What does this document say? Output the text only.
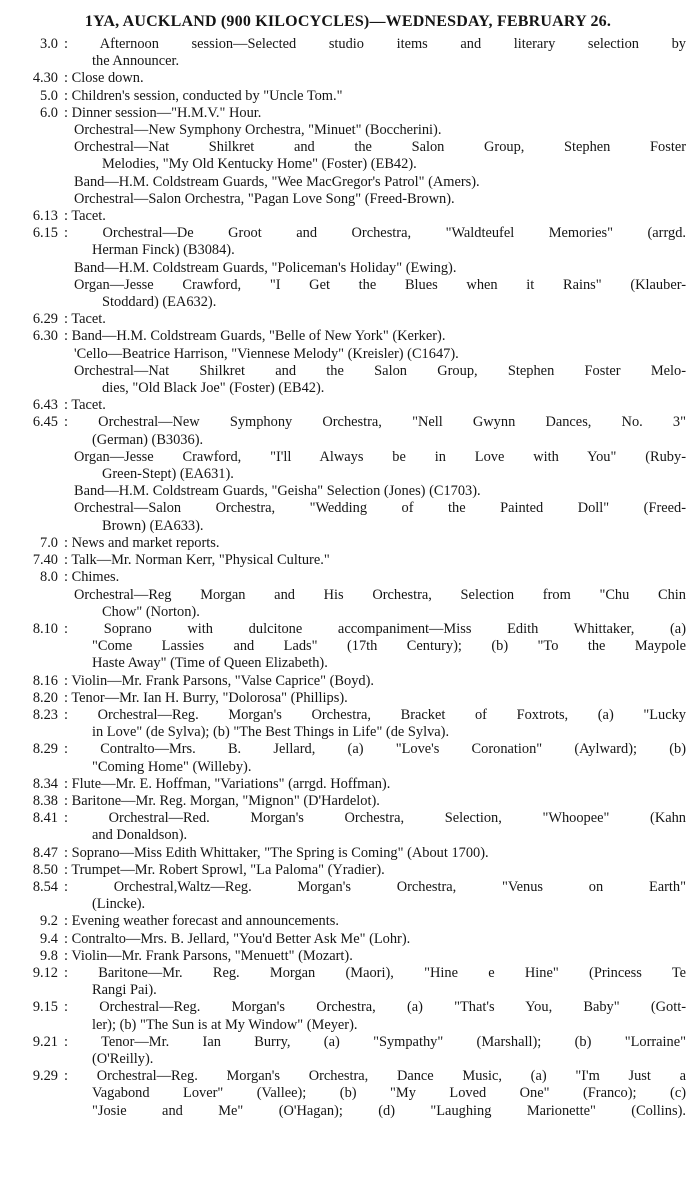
1YA, AUCKLAND (900 KILOCYCLES)—WEDNESDAY, FEBRUARY 26.
3.0 : Afternoon session—Selected studio items and literary selection by
the Announcer.
4.30 : Close down.
5.0 : Children's session, conducted by "Uncle Tom."
6.0 : Dinner session—"H.M.V." Hour.
Orchestral—New Symphony Orchestra, "Minuet" (Boccherini).
Orchestral—Nat Shilkret and the Salon Group, Stephen Foster
Melodies, "My Old Kentucky Home" (Foster) (EB42).
Band—H.M. Coldstream Guards, "Wee MacGregor's Patrol" (Amers).
Orchestral—Salon Orchestra, "Pagan Love Song" (Freed-Brown).
6.13 : Tacet.
6.15 : Orchestral—De Groot and Orchestra, "Waldteufel Memories" (arrgd.
Herman Finck) (B3084).
Band—H.M. Coldstream Guards, "Policeman's Holiday" (Ewing).
Organ—Jesse Crawford, "I Get the Blues when it Rains" (Klauber-
Stoddard) (EA632).
6.29 : Tacet.
6.30 : Band—H.M. Coldstream Guards, "Belle of New York" (Kerker).
'Cello—Beatrice Harrison, "Viennese Melody" (Kreisler) (C1647).
Orchestral—Nat Shilkret and the Salon Group, Stephen Foster Melo-
dies, "Old Black Joe" (Foster) (EB42).
6.43 : Tacet.
6.45 : Orchestral—New Symphony Orchestra, "Nell Gwynn Dances, No. 3"
(German) (B3036).
Organ—Jesse Crawford, "I'll Always be in Love with You" (Ruby-
Green-Stept) (EA631).
Band—H.M. Coldstream Guards, "Geisha" Selection (Jones) (C1703).
Orchestral—Salon Orchestra, "Wedding of the Painted Doll" (Freed-
Brown) (EA633).
7.0 : News and market reports.
7.40 : Talk—Mr. Norman Kerr, "Physical Culture."
8.0 : Chimes.
Orchestral—Reg Morgan and His Orchestra, Selection from "Chu Chin
Chow" (Norton).
8.10 : Soprano with dulcitone accompaniment—Miss Edith Whittaker, (a)
"Come Lassies and Lads" (17th Century); (b) "To the Maypole
Haste Away" (Time of Queen Elizabeth).
8.16 : Violin—Mr. Frank Parsons, "Valse Caprice" (Boyd).
8.20 : Tenor—Mr. Ian H. Burry, "Dolorosa" (Phillips).
8.23 : Orchestral—Reg. Morgan's Orchestra, Bracket of Foxtrots, (a) "Lucky
in Love" (de Sylva); (b) "The Best Things in Life" (de Sylva).
8.29 : Contralto—Mrs. B. Jellard, (a) "Love's Coronation" (Aylward); (b)
"Coming Home" (Willeby).
8.34 : Flute—Mr. E. Hoffman, "Variations" (arrgd. Hoffman).
8.38 : Baritone—Mr. Reg. Morgan, "Mignon" (D'Hardelot).
8.41 : Orchestral—Red. Morgan's Orchestra, Selection, "Whoopee" (Kahn
and Donaldson).
8.47 : Soprano—Miss Edith Whittaker, "The Spring is Coming" (About 1700).
8.50 : Trumpet—Mr. Robert Sprowl, "La Paloma" (Yradier).
8.54 : Orchestral,Waltz—Reg. Morgan's Orchestra, "Venus on Earth"
(Lincke).
9.2 : Evening weather forecast and announcements.
9.4 : Contralto—Mrs. B. Jellard, "You'd Better Ask Me" (Lohr).
9.8 : Violin—Mr. Frank Parsons, "Menuett" (Mozart).
9.12 : Baritone—Mr. Reg. Morgan (Maori), "Hine e Hine" (Princess Te
Rangi Pai).
9.15 : Orchestral—Reg. Morgan's Orchestra, (a) "That's You, Baby" (Gott-
ler); (b) "The Sun is at My Window" (Meyer).
9.21 : Tenor—Mr. Ian Burry, (a) "Sympathy" (Marshall); (b) "Lorraine"
(O'Reilly).
9.29 : Orchestral—Reg. Morgan's Orchestra, Dance Music, (a) "I'm Just a
Vagabond Lover" (Vallee); (b) "My Loved One" (Franco); (c)
"Josie and Me" (O'Hagan); (d) "Laughing Marionette" (Collins).
